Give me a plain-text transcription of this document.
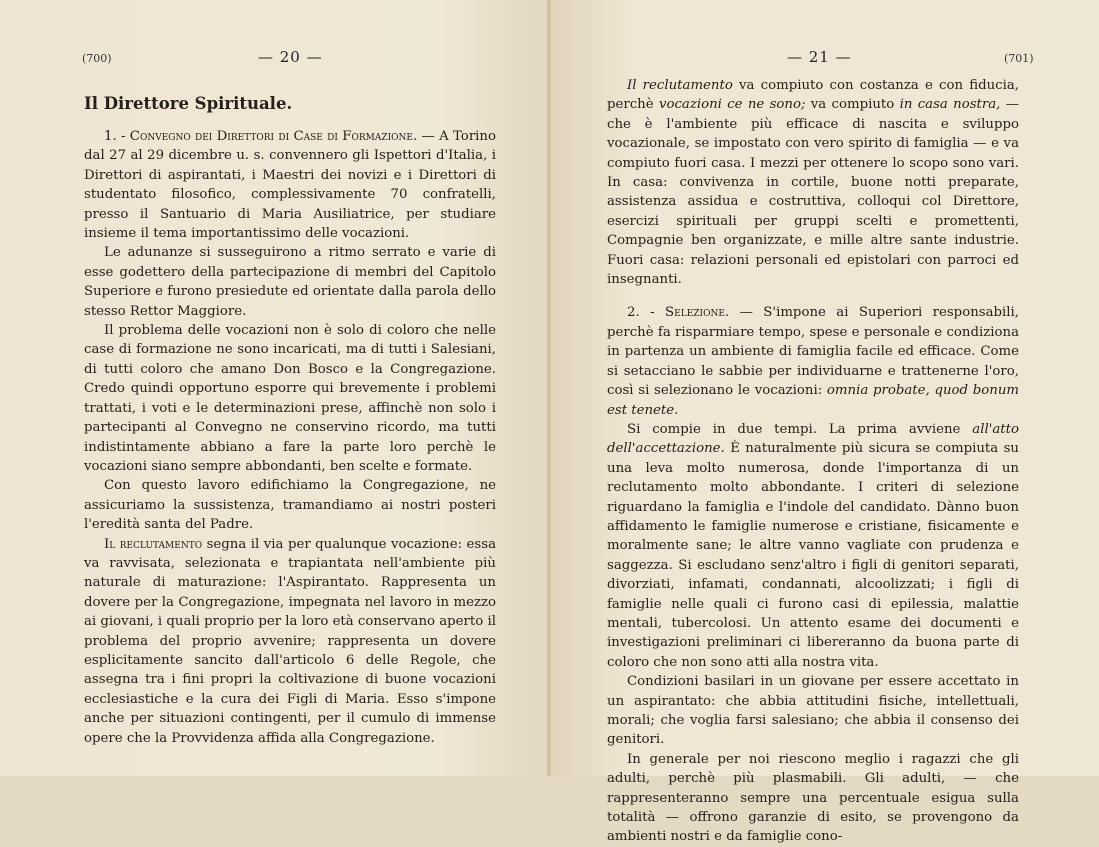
(700)	— 20 —
Il Direttore Spirituale.

1. - Convegno dei Direttori di Case di Formazione. — A Torino dal 27 al 29 dicembre u. s. convennero gli Ispettori d'Italia, i Direttori di aspirantati, i Maestri dei novizi e i Direttori di studentato filosofico, complessivamente 70 confratelli, presso il Santuario di Maria Ausiliatrice, per studiare insieme il tema importantissimo delle vocazioni.

Le adunanze si susseguirono a ritmo serrato e varie di esse godettero della partecipazione di membri del Capitolo Superiore e furono presiedute ed orientate dalla parola dello stesso Rettor Maggiore.

Il problema delle vocazioni non è solo di coloro che nelle case di formazione ne sono incaricati, ma di tutti i Salesiani, di tutti coloro che amano Don Bosco e la Congregazione. Credo quindi opportuno esporre qui brevemente i problemi trattati, i voti e le determinazioni prese, affinchè non solo i partecipanti al Convegno ne conservino ricordo, ma tutti indistintamente abbiano a fare la parte loro perchè le vocazioni siano sempre abbondanti, ben scelte e formate.

Con questo lavoro edifichiamo la Congregazione, ne assicuriamo la sussistenza, tramandiamo ai nostri posteri l'eredità santa del Padre.

Il reclutamento segna il via per qualunque vocazione: essa va ravvisata, selezionata e trapiantata nell'ambiente più naturale di maturazione: l'Aspirantato. Rappresenta un dovere per la Congregazione, impegnata nel lavoro in mezzo ai giovani, i quali proprio per la loro età conservano aperto il problema del proprio avvenire; rappresenta un dovere esplicitamente sancito dall'articolo 6 delle Regole, che assegna tra i fini propri la coltivazione di buone vocazioni ecclesiastiche e la cura dei Figli di Maria. Esso s'impone anche per situazioni contingenti, per il cumulo di immense opere che la Provvidenza affida alla Congregazione.

— 21 —	(701)

Il reclutamento va compiuto con costanza e con fiducia, perchè vocazioni ce ne sono; va compiuto in casa nostra, — che è l'ambiente più efficace di nascita e sviluppo vocazionale, se impostato con vero spirito di famiglia — e va compiuto fuori casa. I mezzi per ottenere lo scopo sono vari. In casa: convivenza in cortile, buone notti preparate, assistenza assidua e costruttiva, colloqui col Direttore, esercizi spirituali per gruppi scelti e promettenti, Compagnie ben organizzate, e mille altre sante industrie. Fuori casa: relazioni personali ed epistolari con parroci ed insegnanti.

2. - Selezione. — S'impone ai Superiori responsabili, perchè fa risparmiare tempo, spese e personale e condiziona in partenza un ambiente di famiglia facile ed efficace. Come si setacciano le sabbie per individuarne e trattenerne l'oro, così si selezionano le vocazioni: omnia probate, quod bonum est tenete.

Si compie in due tempi. La prima avviene all'atto dell'accettazione. È naturalmente più sicura se compiuta su una leva molto numerosa, donde l'importanza di un reclutamento molto abbondante. I criteri di selezione riguardano la famiglia e l'indole del candidato. Dànno buon affidamento le famiglie numerose e cristiane, fisicamente e moralmente sane; le altre vanno vagliate con prudenza e saggezza. Si escludano senz'altro i figli di genitori separati, divorziati, infamati, condannati, alcoolizzati; i figli di famiglie nelle quali ci furono casi di epilessia, malattie mentali, tubercolosi. Un attento esame dei documenti e investigazioni preliminari ci libereranno da buona parte di coloro che non sono atti alla nostra vita.

Condizioni basilari in un giovane per essere accettato in un aspirantato: che abbia attitudini fisiche, intellettuali, morali; che voglia farsi salesiano; che abbia il consenso dei genitori.

In generale per noi riescono meglio i ragazzi che gli adulti, perchè più plasmabili. Gli adulti, — che rappresenteranno sempre una percentuale esigua sulla totalità — offrono garanzie di esito, se provengono da ambienti nostri e da famiglie cono-
